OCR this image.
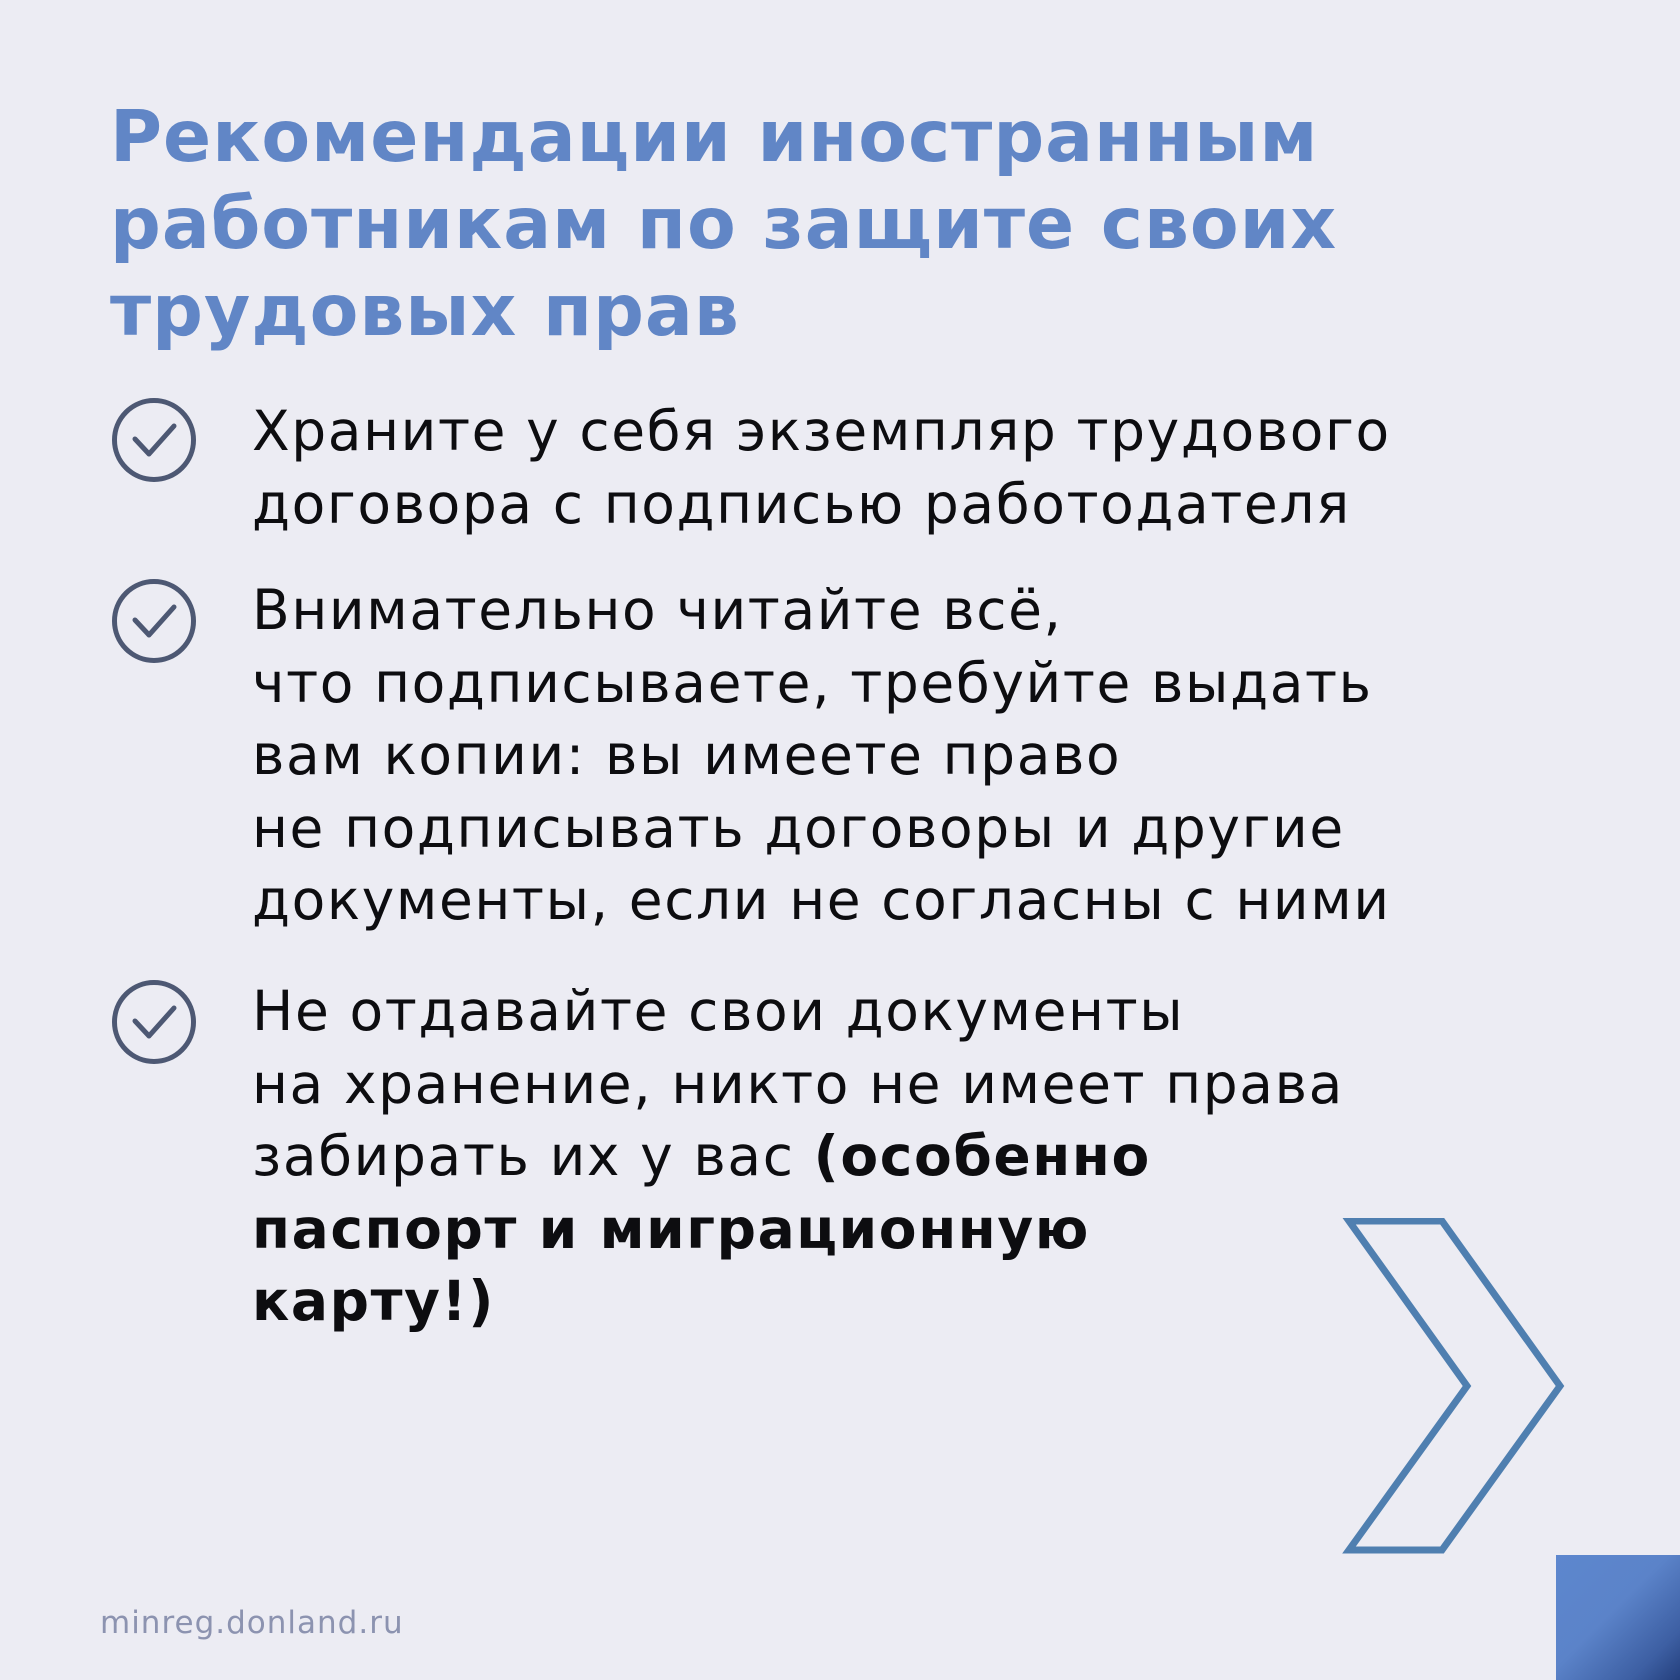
Рекомендации иностранным
работникам по защите своих
трудовых прав
Храните у себя экземпляр трудового
договора с подписью работодателя
Внимательно читайте всё,
что подписываете, требуйте выдать
вам копии: вы имеете право
не подписывать договоры и другие
документы, если не согласны с ними
Не отдавайте свои документы
на хранение, никто не имеет права
забирать их у вас (особенно
паспорт и миграционную
карту!)
minreg.donland.ru
